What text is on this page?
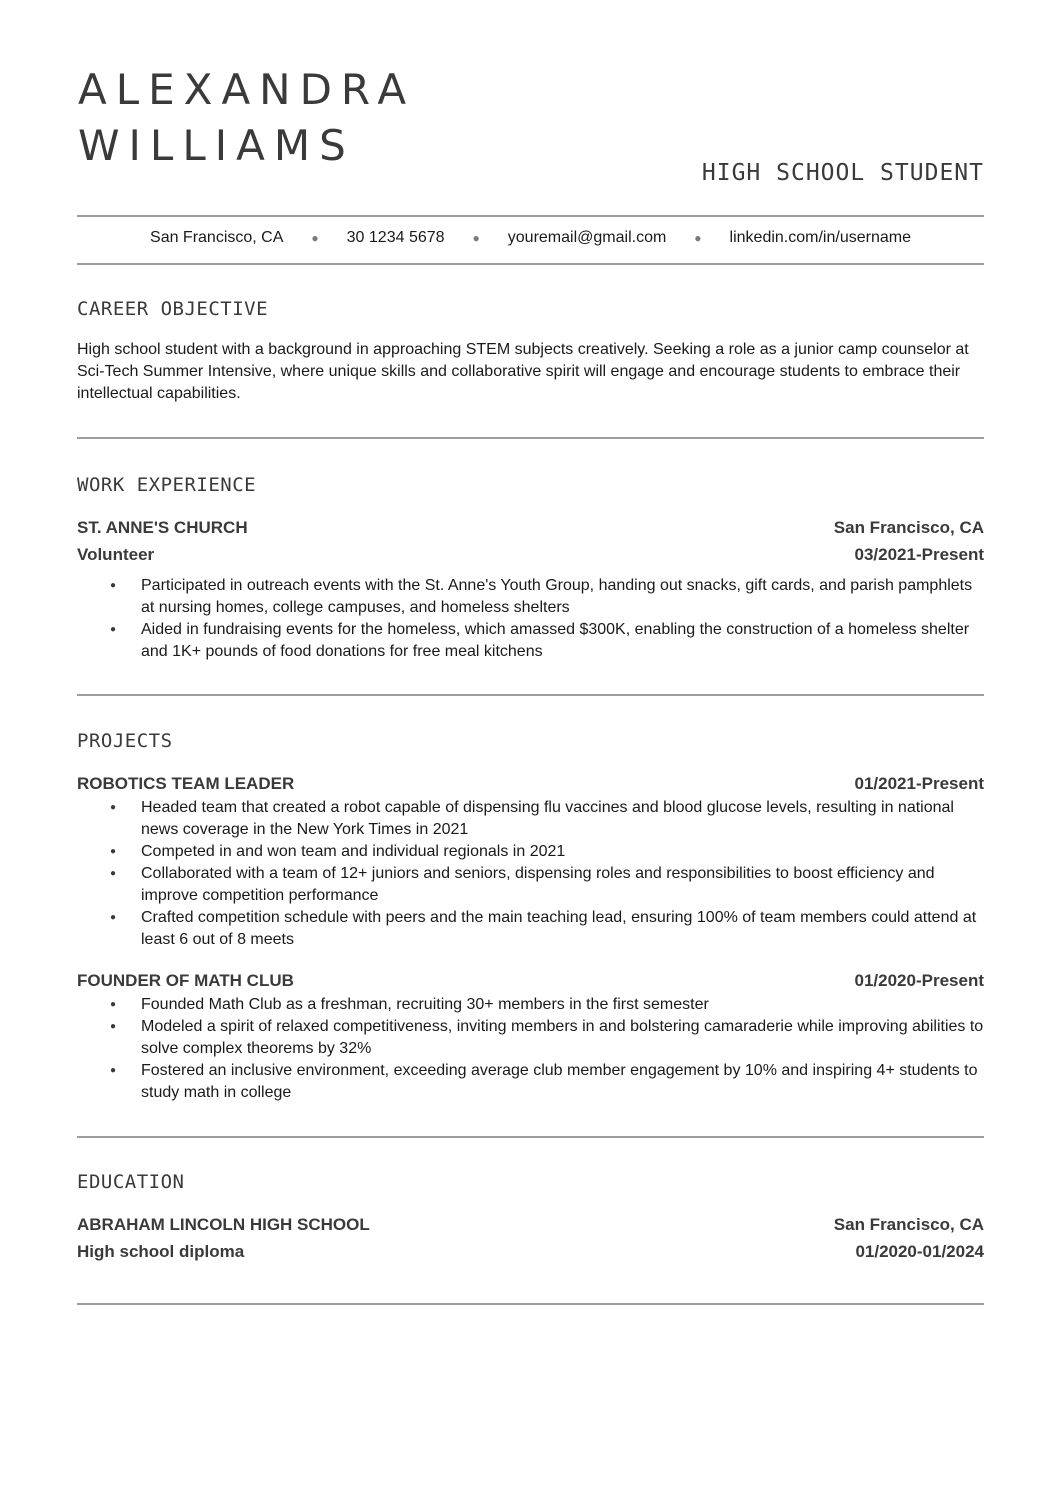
ALEXANDRA
WILLIAMS
HIGH SCHOOL STUDENT
San Francisco, CA ● 30 1234 5678 ● youremail@gmail.com ● linkedin.com/in/username
CAREER OBJECTIVE

High school student with a background in approaching STEM subjects creatively. Seeking a role as a junior camp counselor at Sci-Tech Summer Intensive, where unique skills and collaborative spirit will engage and encourage students to embrace their intellectual capabilities.

WORK EXPERIENCE
ST. ANNE'S CHURCH	San Francisco, CA
Volunteer	03/2021-Present
● Participated in outreach events with the St. Anne's Youth Group, handing out snacks, gift cards, and parish pamphlets at nursing homes, college campuses, and homeless shelters
● Aided in fundraising events for the homeless, which amassed $300K, enabling the construction of a homeless shelter and 1K+ pounds of food donations for free meal kitchens
PROJECTS
ROBOTICS TEAM LEADER	01/2021-Present
● Headed team that created a robot capable of dispensing flu vaccines and blood glucose levels, resulting in national news coverage in the New York Times in 2021
● Competed in and won team and individual regionals in 2021
● Collaborated with a team of 12+ juniors and seniors, dispensing roles and responsibilities to boost efficiency and improve competition performance
● Crafted competition schedule with peers and the main teaching lead, ensuring 100% of team members could attend at least 6 out of 8 meets
FOUNDER OF MATH CLUB	01/2020-Present
● Founded Math Club as a freshman, recruiting 30+ members in the first semester
● Modeled a spirit of relaxed competitiveness, inviting members in and bolstering camaraderie while improving abilities to solve complex theorems by 32%
● Fostered an inclusive environment, exceeding average club member engagement by 10% and inspiring 4+ students to study math in college
EDUCATION
ABRAHAM LINCOLN HIGH SCHOOL	San Francisco, CA
High school diploma	01/2020-01/2024
